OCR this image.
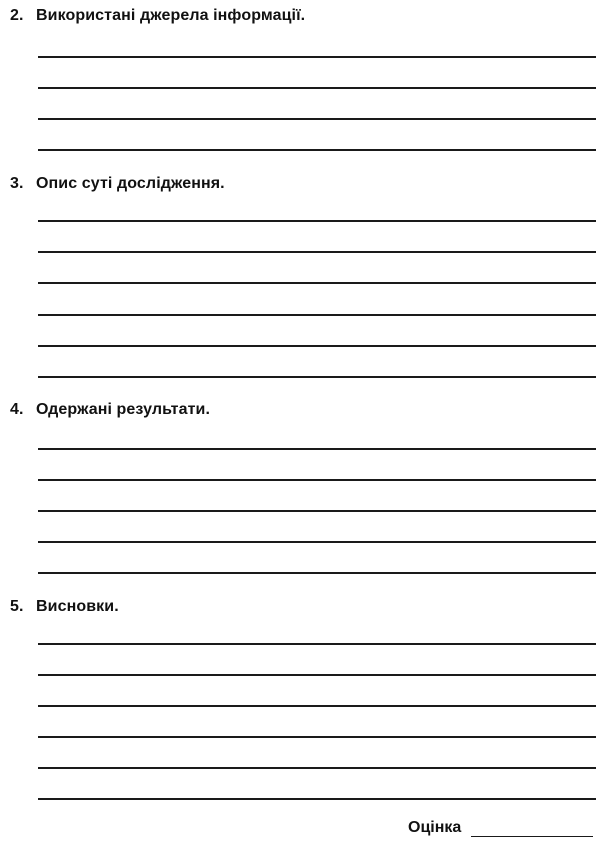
2. Використані джерела інформації.
3. Опис суті дослідження.
4. Одержані результати.
5. Висновки.
Оцінка
